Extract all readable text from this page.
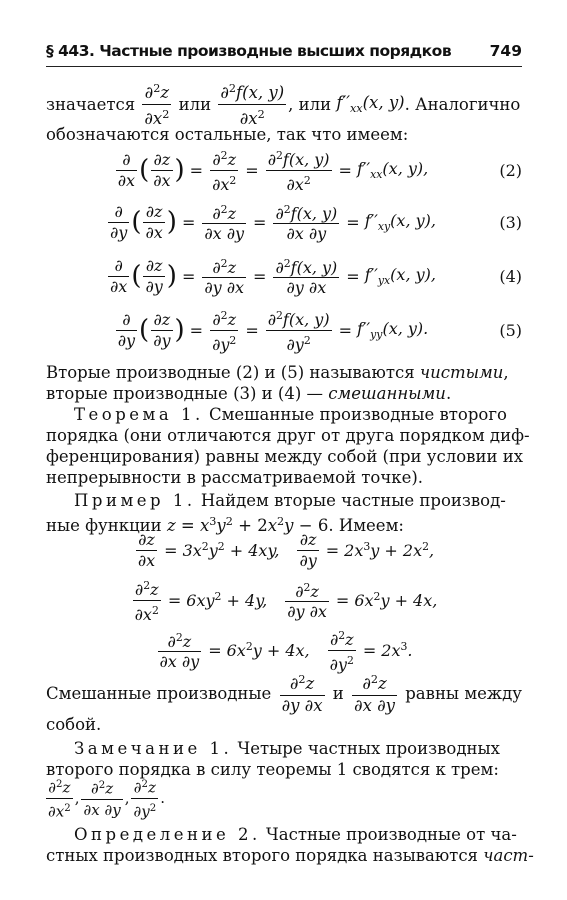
§ 443. Частные производные высших порядков 749
значается
$\frac{\partial^2z}{\partial x^2}$
или
$\frac{\partial^2f(x, y)}{\partial x^2}$ , или
$f''_{xx}(x$, y) . Аналогично
обозначаются остальные, так что имеем:
$\frac{\partial}{\partial x}$ ( $\frac{\partial z}{\partial x}$ ) = $\frac{\partial^2z}{\partial x^2} = \frac{\partial^2f(x, y)}{\partial x^2} = f''_{xx}(x$, y),	(2)
$\frac{\partial}{\partial y}$ ( $\frac{\partial z}{\partial x}$ ) = $\frac{\partial^2z}{\partial x \partial y} = \frac{\partial^2f(x, y)}{\partial x \partial y} = f''_{xy}(x$, y),	(3)
$\frac{\partial}{\partial x}$ ( $\frac{\partial z}{\partial y}$ ) = $\frac{\partial^2z}{\partial y \partial x} = \frac{\partial^2f(x, y)}{\partial y \partial x} = f''_{yx}(x$, y),	(4)
$\frac{\partial}{\partial y}$ ( $\frac{\partial z}{\partial y}$ ) = $\frac{\partial^2z}{\partial y^2} = \frac{\partial^2f(x, y)}{\partial y^2} = f''_{yy}(x$, y).	(5)
Вторые производные (2) и (5) называются чистыми,
вторые производные (3) и (4) — смешанными.
Теорема 1. Смешанные производные второго
порядка (они отличаются друг от друга порядком диф-
ференцирования) равны между собой (при условии их
непрерывности в рассматриваемой точке).
Пример 1. Найдем вторые частные производ-
ные функции $z = x^3y^2 + 2x^2y - 6$. Имеем:
$\frac{\partial z}{\partial x} = 3x^2y^2 + 4xy$, $\frac{\partial z}{\partial y} = 2x^3y + 2x^2$,
$\frac{\partial^2z}{\partial x^2} = 6xy^2 + 4y$, $\frac{\partial^2z}{\partial y \partial x} = 6x^2y + 4x$,
$\frac{\partial^2z}{\partial x \partial y} = 6x^2y + 4x$, $\frac{\partial^2z}{\partial y^2} = 2x^3$.
Смешанные производные $\frac{\partial^2z}{\partial y \partial x}$ и $\frac{\partial^2z}{\partial x \partial y}$ равны между
собой.
Замечание 1. Четыре частных производных
второго порядка в силу теоремы 1 сводятся к трем:
$\frac{\partial^2z}{\partial x^2}$ , $\frac{\partial^2z}{\partial x \partial y}$ , $\frac{\partial^2z}{\partial y^2}$ .
Определение 2. Частные производные от ча-
стных производных второго порядка называются част-
